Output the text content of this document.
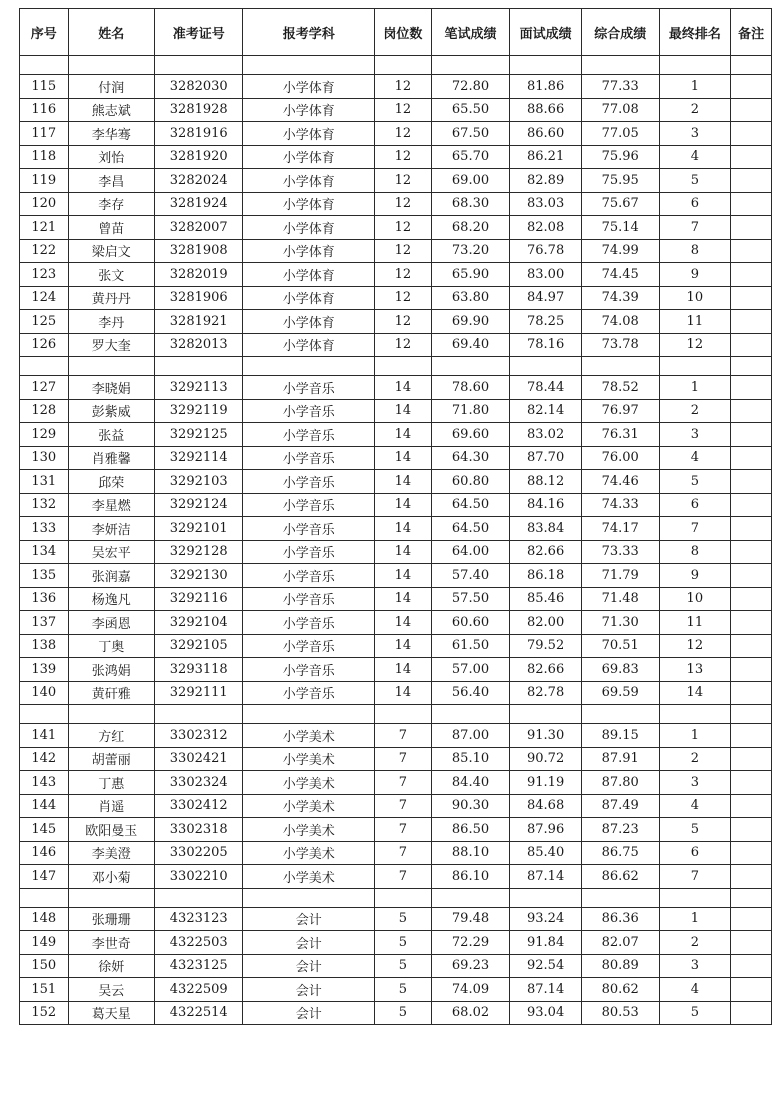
序号	姓名	准考证号	报考学科	岗位数	笔试成绩	面试成绩	综合成绩	最终排名	备注

115	付润	3282030	小学体育	12	72.80	81.86	77.33	1	
116	熊志斌	3281928	小学体育	12	65.50	88.66	77.08	2	
117	李华骞	3281916	小学体育	12	67.50	86.60	77.05	3	
118	刘怡	3281920	小学体育	12	65.70	86.21	75.96	4	
119	李昌	3282024	小学体育	12	69.00	82.89	75.95	5	
120	李存	3281924	小学体育	12	68.30	83.03	75.67	6	
121	曾苗	3282007	小学体育	12	68.20	82.08	75.14	7	
122	梁启文	3281908	小学体育	12	73.20	76.78	74.99	8	
123	张文	3282019	小学体育	12	65.90	83.00	74.45	9	
124	黄丹丹	3281906	小学体育	12	63.80	84.97	74.39	10	
125	李丹	3281921	小学体育	12	69.90	78.25	74.08	11	
126	罗大奎	3282013	小学体育	12	69.40	78.16	73.78	12	

127	李晓娟	3292113	小学音乐	14	78.60	78.44	78.52	1	
128	彭紫威	3292119	小学音乐	14	71.80	82.14	76.97	2	
129	张益	3292125	小学音乐	14	69.60	83.02	76.31	3	
130	肖雅馨	3292114	小学音乐	14	64.30	87.70	76.00	4	
131	邱荣	3292103	小学音乐	14	60.80	88.12	74.46	5	
132	李星燃	3292124	小学音乐	14	64.50	84.16	74.33	6	
133	李妍洁	3292101	小学音乐	14	64.50	83.84	74.17	7	
134	吴宏平	3292128	小学音乐	14	64.00	82.66	73.33	8	
135	张润嘉	3292130	小学音乐	14	57.40	86.18	71.79	9	
136	杨逸凡	3292116	小学音乐	14	57.50	85.46	71.48	10	
137	李函恩	3292104	小学音乐	14	60.60	82.00	71.30	11	
138	丁奥	3292105	小学音乐	14	61.50	79.52	70.51	12	
139	张鸿娟	3293118	小学音乐	14	57.00	82.66	69.83	13	
140	黄矸雅	3292111	小学音乐	14	56.40	82.78	69.59	14	

141	方红	3302312	小学美术	7	87.00	91.30	89.15	1	
142	胡蕾丽	3302421	小学美术	7	85.10	90.72	87.91	2	
143	丁惠	3302324	小学美术	7	84.40	91.19	87.80	3	
144	肖遥	3302412	小学美术	7	90.30	84.68	87.49	4	
145	欧阳曼玉	3302318	小学美术	7	86.50	87.96	87.23	5	
146	李美澄	3302205	小学美术	7	88.10	85.40	86.75	6	
147	邓小菊	3302210	小学美术	7	86.10	87.14	86.62	7	

148	张珊珊	4323123	会计	5	79.48	93.24	86.36	1	
149	李世奇	4322503	会计	5	72.29	91.84	82.07	2	
150	徐妍	4323125	会计	5	69.23	92.54	80.89	3	
151	吴云	4322509	会计	5	74.09	87.14	80.62	4	
152	葛天星	4322514	会计	5	68.02	93.04	80.53	5	
